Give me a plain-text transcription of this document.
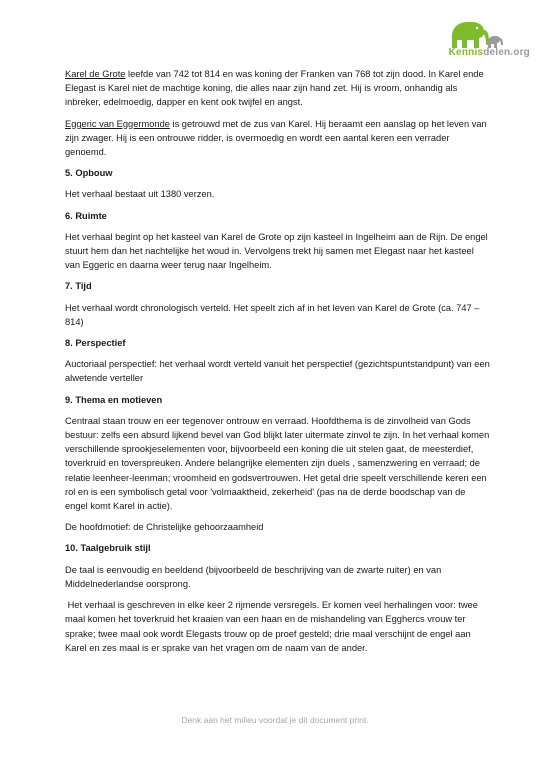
Kennisdelen.org

Karel de Grote leefde van 742 tot 814 en was koning der Franken van 768 tot zijn dood. In Karel ende Elegast is Karel niet de machtige koning, die alles naar zijn hand zet. Hij is vroom, onhandig als inbreker, edelmoedig, dapper en kent ook twijfel en angst.

Eggeric van Eggermonde is getrouwd met de zus van Karel. Hij beraamt een aanslag op het leven van zijn zwager. Hij is een ontrouwe ridder, is overmoedig en wordt een aantal keren een verrader genoemd.

5. Opbouw

Het verhaal bestaat uit 1380 verzen.

6. Ruimte

Het verhaal begint op het kasteel van Karel de Grote op zijn kasteel in Ingelheim aan de Rijn. De engel stuurt hem dan het nachtelijke het woud in. Vervolgens trekt hij samen met Elegast naar het kasteel van Eggeric en daarna weer terug naar Ingelheim.

7. Tijd

Het verhaal wordt chronologisch verteld. Het speelt zich af in het leven van Karel de Grote (ca. 747 – 814)

8. Perspectief

Auctoriaal perspectief: het verhaal wordt verteld vanuit het perspectief (gezichtspuntstandpunt) van een alwetende verteller

9. Thema en motieven

Centraal staan trouw en eer tegenover ontrouw en verraad. Hoofdthema is de zinvolheid van Gods bestuur: zelfs een absurd lijkend bevel van God blijkt later uitermate zinvol te zijn. In het verhaal komen verschillende sprookjeselementen voor, bijvoorbeeld een koning die uit stelen gaat, de meesterdief, toverkruid en toverspreuken. Andere belangrijke elementen zijn duels , samenzwering en verraad; de relatie leenheer-leenman; vroomheid en godsvertrouwen. Het getal drie speelt verschillende keren een rol en is een symbolisch getal voor 'volmaaktheid, zekerheid' (pas na de derde boodschap van de engel komt Karel in actie).

De hoofdmotief: de Christelijke gehoorzaamheid

10. Taalgebruik stijl

De taal is eenvoudig en beeldend (bijvoorbeeld de beschrijving van de zwarte ruiter) en van Middelnederlandse oorsprong.

Het verhaal is geschreven in elke keer 2 rijmende versregels. Er komen veel herhalingen voor: twee maal komen het toverkruid het kraaien van een haan en de mishandeling van Egghercs vrouw ter sprake; twee maal ook wordt Elegasts trouw op de proef gesteld; drie maal verschijnt de engel aan Karel en zes maal is er sprake van het vragen om de naam van de ander.

Denk aan het milieu voordat je dit document print.
